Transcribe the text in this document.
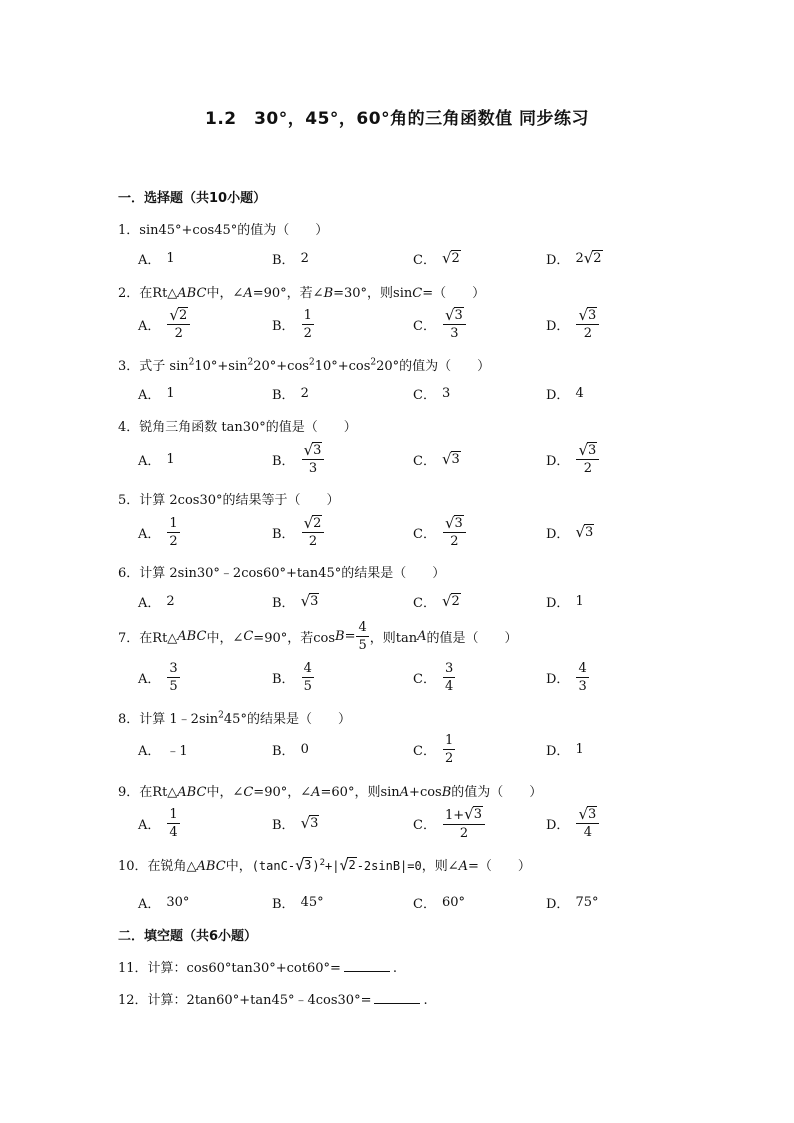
1.2　30°，45°，60°角的三角函数值 同步练习
一．选择题（共10小题）
1．sin45°+cos45°的值为（　　）
A． 1	B． 2	C． √ 2	D． 2 √ 2
2．在Rt△ABC中，∠A=90°，若∠B=30°，则sinC=（　　）
A． $\frac{√ 2}{2}$	B． $\frac{1}{2}$	C． $\frac{√ 3}{3}$	D． $\frac{√ 3}{2}$
3．式子 $\sin^210^\circ+\sin^220^\circ+\cos^210^\circ+\cos^220^\circ$的值为（　　）
A． 1	B． 2	C． 3	D． 4
4．锐角三角函数 tan30°的值是（　　）
A． 1	B． $\frac{√ 3}{3}$	C． √ 3	D． $\frac{√ 3}{2}$
5．计算 2cos30°的结果等于（　　）
A． $\frac{1}{2}$	B． $\frac{√ 2}{2}$	C． $\frac{√ 3}{2}$	D． √ 3
6．计算 2sin30°﹣2cos60°+tan45°的结果是（　　）
A． 2	B． √ 3	C． √ 2	D． 1
7． 在Rt△ ABC 中，∠ C =90°，若$\cos B = \frac{4}{5}$ ，则tan A 的值是（　　）
A． $\frac{3}{5}$	B． $\frac{4}{5}$	C． $\frac{3}{4}$	D． $\frac{4}{3}$
8．计算 $1﹣2\sin^245^\circ$的结果是（　　）
A． ﹣1	B． 0	C． $\frac{1}{2}$	D． 1
9．在Rt△ABC中，∠C=90°，∠A=60°，则sinA+cosB的值为（　　）
A． $\frac{1}{4}$	B． √ 3	C． $\frac{1+ √ 3}{2}$	D． $\frac{√ 3}{4}$
10．在锐角△ABC中，(tanC- √ 3 )$^2$+| √ 2 -2sinB|=0，则∠A=（　　）
A． 30°	B． 45°	C． 60°	D． 75°
二．填空题（共6小题）
11．计算：cos60°tan30°+cot60°=	.
12．计算：2tan60°+tan45°﹣4cos30°=	.
